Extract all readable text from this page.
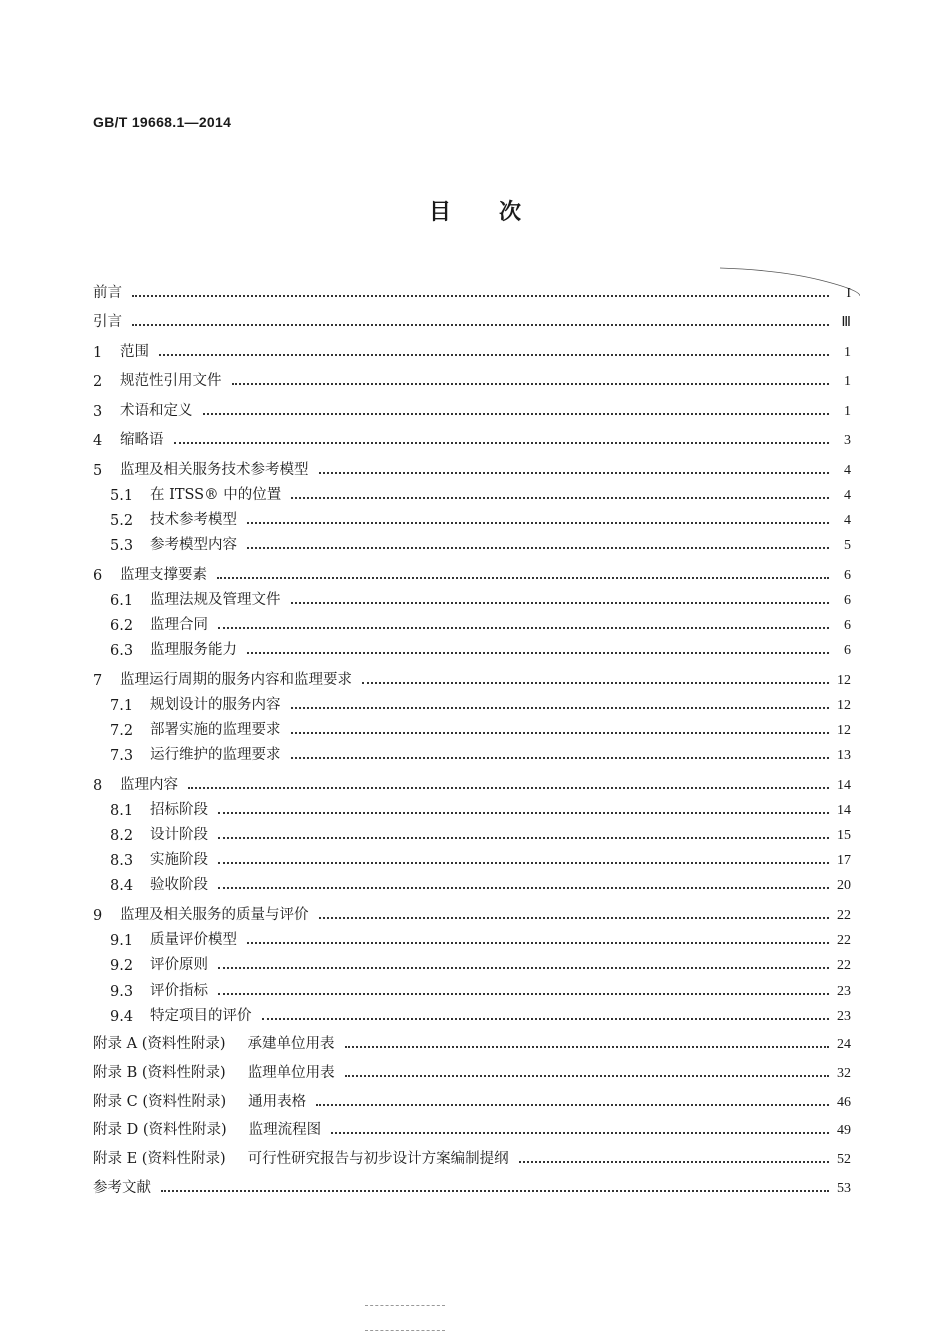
GB/T 19668.1—2014
目次
前言	I
引言	Ⅲ
1	范围	1
2	规范性引用文件	1
3	术语和定义	1
4	缩略语	3
5	监理及相关服务技术参考模型	4
5.1	在 ITSS® 中的位置	4
5.2	技术参考模型	4
5.3	参考模型内容	5
6	监理支撑要素	6
6.1	监理法规及管理文件	6
6.2	监理合同	6
6.3	监理服务能力	6
7	监理运行周期的服务内容和监理要求	12
7.1	规划设计的服务内容	12
7.2	部署实施的监理要求	12
7.3	运行维护的监理要求	13
8	监理内容	14
8.1	招标阶段	14
8.2	设计阶段	15
8.3	实施阶段	17
8.4	验收阶段	20
9	监理及相关服务的质量与评价	22
9.1	质量评价模型	22
9.2	评价原则	22
9.3	评价指标	23
9.4	特定项目的评价	23
附录 A (资料性附录) 承建单位用表	24
附录 B (资料性附录) 监理单位用表	32
附录 C (资料性附录) 通用表格	46
附录 D (资料性附录) 监理流程图	49
附录 E (资料性附录) 可行性研究报告与初步设计方案编制提纲	52
参考文献	53
